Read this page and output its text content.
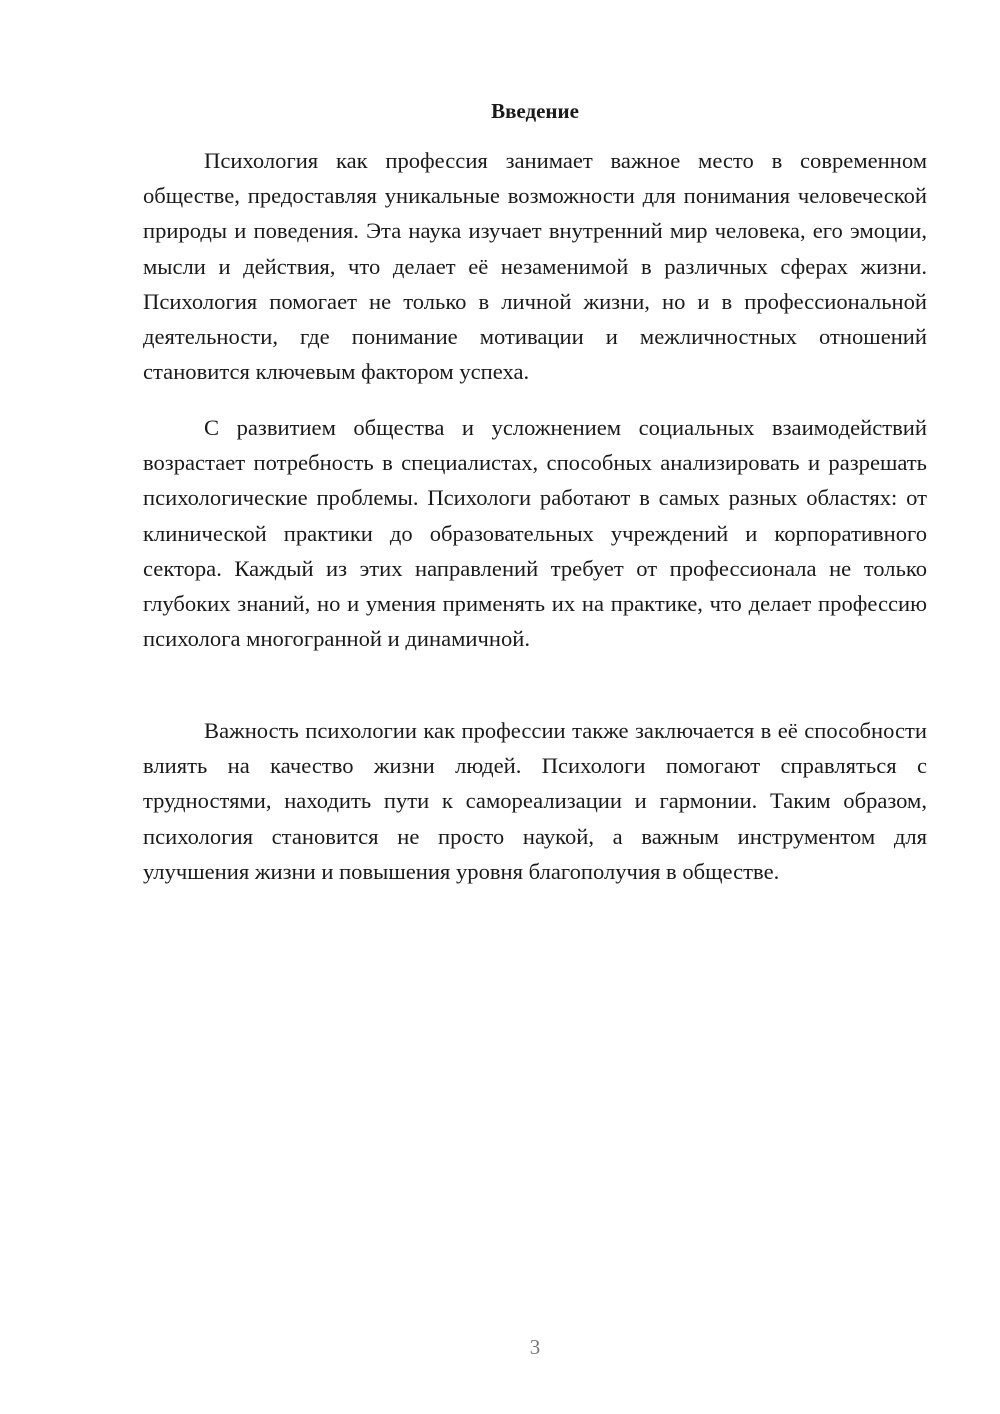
Введение

Психология как профессия занимает важное место в современном обществе, предоставляя уникальные возможности для понимания человеческой природы и поведения. Эта наука изучает внутренний мир человека, его эмоции, мысли и действия, что делает её незаменимой в различных сферах жизни. Психология помогает не только в личной жизни, но и в профессиональной деятельности, где понимание мотивации и межличностных отношений становится ключевым фактором успеха.

С развитием общества и усложнением социальных взаимодействий возрастает потребность в специалистах, способных анализировать и разрешать психологические проблемы. Психологи работают в самых разных областях: от клинической практики до образовательных учреждений и корпоративного сектора. Каждый из этих направлений требует от профессионала не только глубоких знаний, но и умения применять их на практике, что делает профессию психолога многогранной и динамичной.

Важность психологии как профессии также заключается в её способности влиять на качество жизни людей. Психологи помогают справляться с трудностями, находить пути к самореализации и гармонии. Таким образом, психология становится не просто наукой, а важным инструментом для улучшения жизни и повышения уровня благополучия в обществе.

3
